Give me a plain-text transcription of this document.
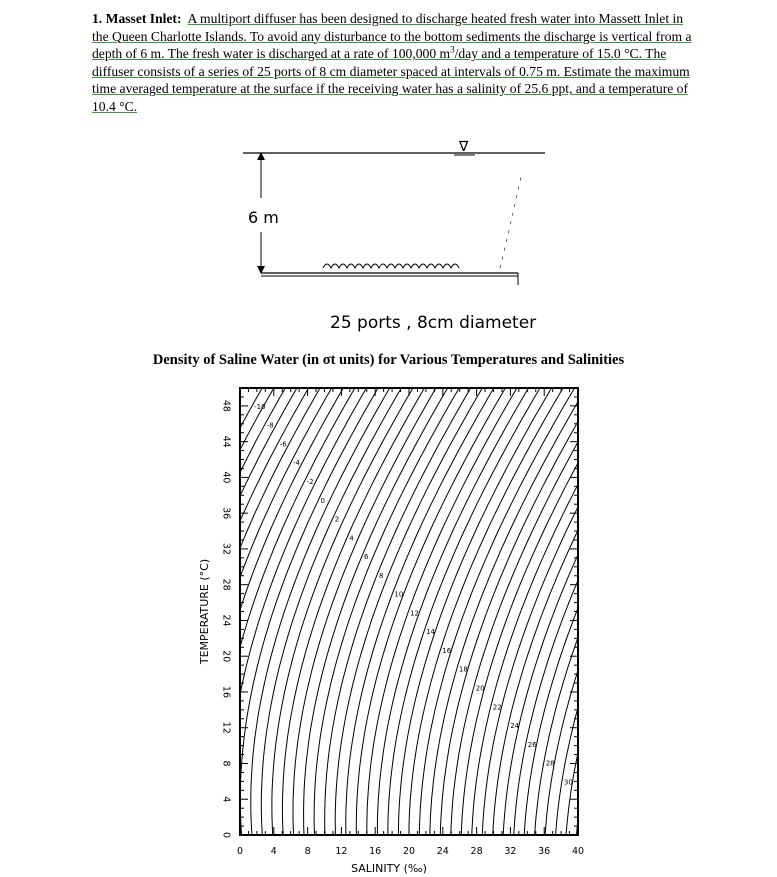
1. Masset Inlet: A multiport diffuser has been designed to discharge heated fresh water into Massett Inlet in the Queen Charlotte Islands. To avoid any disturbance to the bottom sediments the discharge is vertical from a depth of 6 m. The fresh water is discharged at a rate of 100,000 $m^3$/day and a temperature of 15.0 °C. The diffuser consists of a series of 25 ports of 8 cm diameter spaced at intervals of 0.75 m. Estimate the maximum time averaged temperature at the surface if the receiving water has a salinity of 25.6 ppt, and a temperature of 10.4 °C.

∇
6 m
25 ports , 8cm diameter

Density of Saline Water (in σt units) for Various Temperatures and Salinities

-10
-8
-6
-4
-2
0
2
4
6
8
10
12
14
16
18
20
22
24
26
28
30
0	4	8	12 16 20 24 28 32 36 40
0
4
8
12
16
20
24
28
32
36
40
44
48
SALINITY (‰)
TEMPERATURE (°C)
